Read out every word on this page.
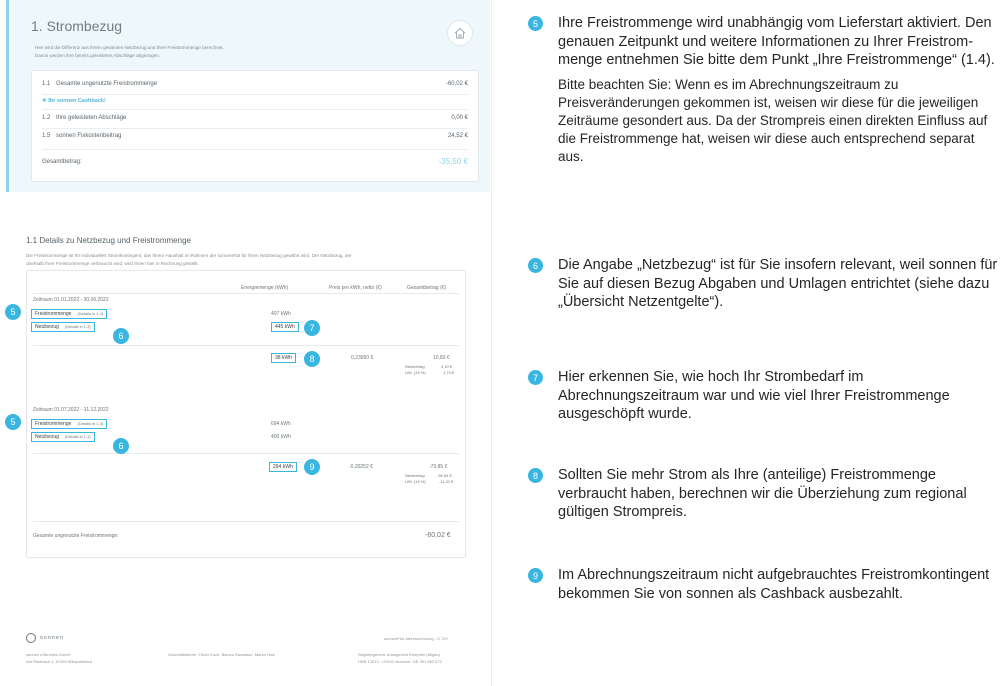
1. Strombezug
Hier wird die Differenz aus Ihrem gesamten Netzbezug und Ihrer Freistrommenge berechnet.
Davon werden Ihre bereits geleisteten Abschläge abgezogen.
1.1 Gesamte ungenutzte Freistrommenge	-60,02 €
✳ Ihr sonnen Cashback!
1.2 Ihre geleisteten Abschläge	0,00 €
1.5 sonnen Fixkostenbeitrag	24,52 €
Gesamtbetrag:	-35,50 €
1.1 Details zu Netzbezug und Freistrommenge
Die Freistrommenge ist Ihr individuelles Stromkontingent, das Ihrem Haushalt im Rahmen der sonnenFlat für Ihren Netzbezug gewährt wird. Der Netzbezug, der
oberhalb Ihrer Freistrommenge verbraucht wird, wird Ihnen hier in Rechnung gestellt.
Energiemenge (kWh)	Preis pro kWh, netto (€)	Gesamtbetrag (€)
Zeitraum 01.01.2022 - 30.06.2022
Freistrommenge (Details in 1.4)	407 kWh
Netzbezug (Details in 1.3)	445 kWh
38 kWh	0,23950 €	10,83 €
Netzbetrag	9,10 €
USt. (19 %)	1,73 €
Zeitraum 01.07.2022 - 31.12.2022
Freistrommenge (Details in 1.4)	694 kWh
Netzbezug (Details in 1.3)	400 kWh
294 kWh	-0,20252 €	-70,85 €
Netzbetrag	-59,54 €
USt. (19 %)	-11,31 €
Gesamte ungenutzte Freistrommenge:	-60,02 €
5
6
7
8
5
6
9
sonnen	sonnenFlat Jahresrechnung - S. 2/9
sonnen eServices GmbH
Am Riedbach 1, 87499 Wildpoldsried
Geschäftsführer: Oliver Koch, Bianca Swanston, Marko Hein	Registergericht: Amtsgericht Kempten (Allgäu)
HRB 13013 · USt-ID Nummer: DE 301 862 572
5	Ihre Freistrommenge wird unabhängig vom Lieferstart aktiviert. Den genauen Zeitpunkt und weitere Informationen zu Ihrer Freistrom-menge entnehmen Sie bitte dem Punkt „Ihre Freistrommenge“ (1.4).
Bitte beachten Sie: Wenn es im Abrechnungszeitraum zu Preisveränderungen gekommen ist, weisen wir diese für die jeweiligen Zeiträume gesondert aus. Da der Strompreis einen direkten Einfluss auf die Freistrommenge hat, weisen wir diese auch entsprechend separat aus.
6	Die Angabe „Netzbezug“ ist für Sie insofern relevant, weil sonnen für Sie auf diesen Bezug Abgaben und Umlagen entrichtet (siehe dazu „Übersicht Netzentgelte“).
7	Hier erkennen Sie, wie hoch Ihr Strombedarf im Abrechnungszeitraum war und wie viel Ihrer Freistrommenge ausgeschöpft wurde.
8	Sollten Sie mehr Strom als Ihre (anteilige) Freistrommenge verbraucht haben, berechnen wir die Überziehung zum regional gültigen Strompreis.
9	Im Abrechnungszeitraum nicht aufgebrauchtes Freistromkontingent bekommen Sie von sonnen als Cashback ausbezahlt.
